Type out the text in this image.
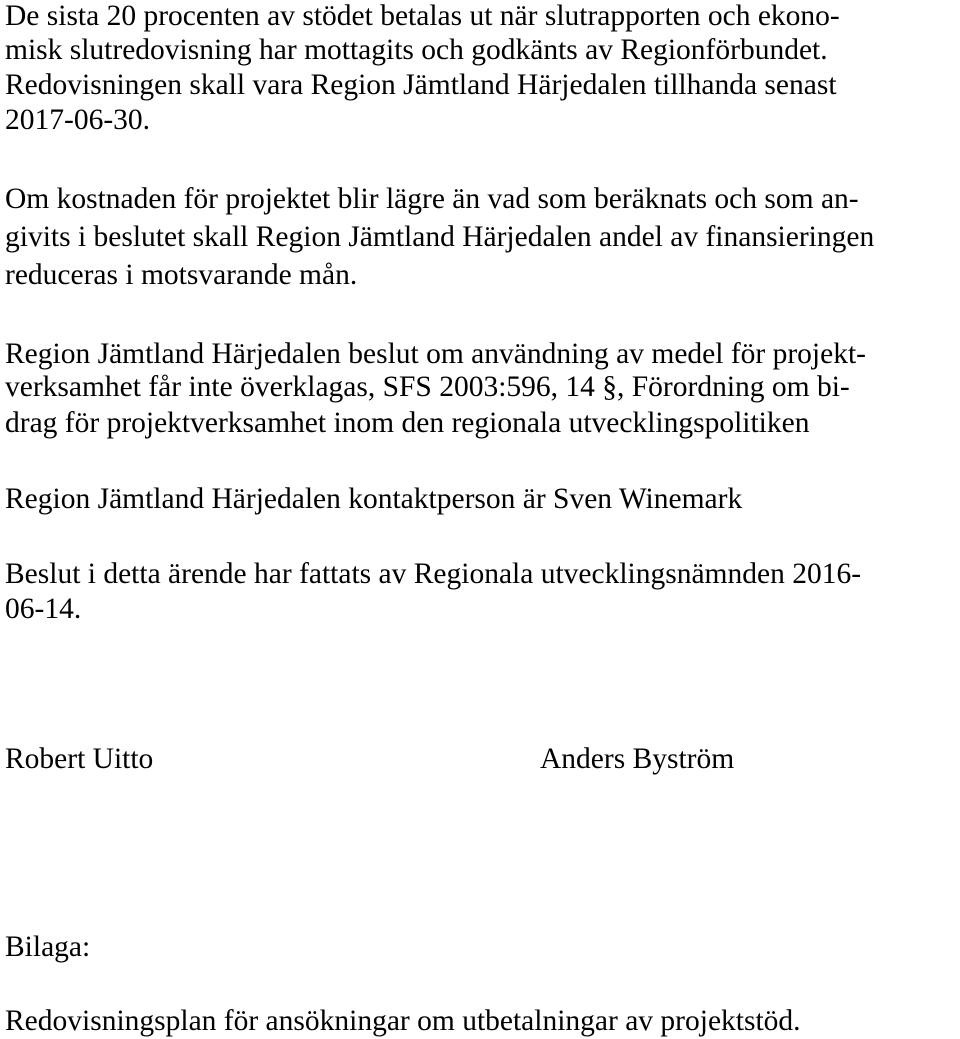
De sista 20 procenten av stödet betalas ut när slutrapporten och ekono-
misk slutredovisning har mottagits och godkänts av Regionförbundet.
Redovisningen skall vara Region Jämtland Härjedalen tillhanda senast
2017-06-30.
Om kostnaden för projektet blir lägre än vad som beräknats och som an-
givits i beslutet skall Region Jämtland Härjedalen andel av finansieringen
reduceras i motsvarande mån.
Region Jämtland Härjedalen beslut om användning av medel för projekt-
verksamhet får inte överklagas, SFS 2003:596, 14 §, Förordning om bi-
drag för projektverksamhet inom den regionala utvecklingspolitiken
Region Jämtland Härjedalen kontaktperson är Sven Winemark
Beslut i detta ärende har fattats av Regionala utvecklingsnämnden 2016-
06-14.
Robert Uitto	Anders Byström
Bilaga:
Redovisningsplan för ansökningar om utbetalningar av projektstöd.
